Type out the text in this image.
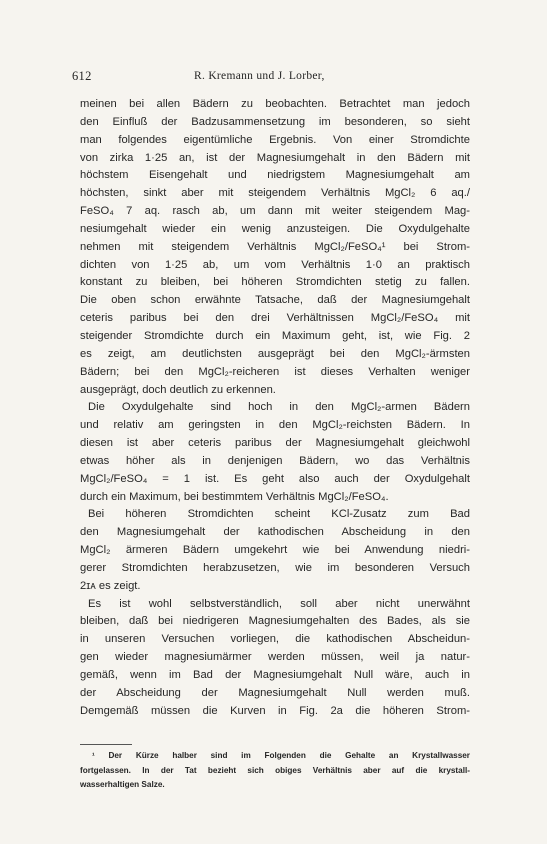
612	R. Kremann und J. Lorber,
meinen bei allen Bädern zu beobachten. Betrachtet man jedoch
den Einfluß der Badzusammensetzung im besonderen, so sieht
man folgendes eigentümliche Ergebnis. Von einer Stromdichte
von zirka 1·25 an, ist der Magnesiumgehalt in den Bädern mit
höchstem Eisengehalt und niedrigstem Magnesiumgehalt am
höchsten, sinkt aber mit steigendem Verhältnis MgCl₂ 6 aq./
FeSO₄ 7 aq. rasch ab, um dann mit weiter steigendem Mag-
nesiumgehalt wieder ein wenig anzusteigen. Die Oxydulgehalte
nehmen mit steigendem Verhältnis MgCl₂/FeSO₄¹ bei Strom-
dichten von 1·25 ab, um vom Verhältnis 1·0 an praktisch
konstant zu bleiben, bei höheren Stromdichten stetig zu fallen.
Die oben schon erwähnte Tatsache, daß der Magnesiumgehalt
ceteris paribus bei den drei Verhältnissen MgCl₂/FeSO₄ mit
steigender Stromdichte durch ein Maximum geht, ist, wie Fig. 2
es zeigt, am deutlichsten ausgeprägt bei den MgCl₂-ärmsten
Bädern; bei den MgCl₂-reicheren ist dieses Verhalten weniger
ausgeprägt, doch deutlich zu erkennen.
Die Oxydulgehalte sind hoch in den MgCl₂-armen Bädern
und relativ am geringsten in den MgCl₂-reichsten Bädern. In
diesen ist aber ceteris paribus der Magnesiumgehalt gleichwohl
etwas höher als in denjenigen Bädern, wo das Verhältnis
MgCl₂/FeSO₄ = 1 ist. Es geht also auch der Oxydulgehalt
durch ein Maximum, bei bestimmtem Verhältnis MgCl₂/FeSO₄.
Bei höheren Stromdichten scheint KCl-Zusatz zum Bad
den Magnesiumgehalt der kathodischen Abscheidung in den
MgCl₂ ärmeren Bädern umgekehrt wie bei Anwendung niedri-
gerer Stromdichten herabzusetzen, wie im besonderen Versuch
2ɪᴀ es zeigt.
Es ist wohl selbstverständlich, soll aber nicht unerwähnt
bleiben, daß bei niedrigeren Magnesiumgehalten des Bades, als sie
in unseren Versuchen vorliegen, die kathodischen Abscheidun-
gen wieder magnesiumärmer werden müssen, weil ja natur-
gemäß, wenn im Bad der Magnesiumgehalt Null wäre, auch in
der Abscheidung der Magnesiumgehalt Null werden muß.
Demgemäß müssen die Kurven in Fig. 2a die höheren Strom-
¹ Der Kürze halber sind im Folgenden die Gehalte an Krystallwasser
fortgelassen. In der Tat bezieht sich obiges Verhältnis aber auf die krystall-
wasserhaltigen Salze.
